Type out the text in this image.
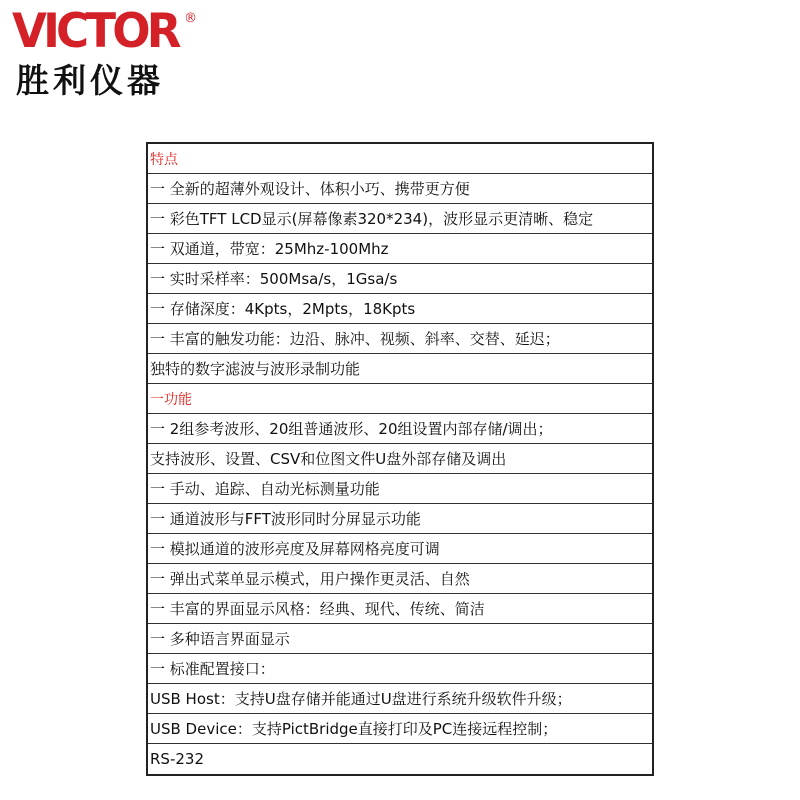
VICTOR ®
胜利仪器
特点
一 全新的超薄外观设计、体积小巧、携带更方便
一 彩色TFT LCD显示(屏幕像素320*234)，波形显示更清晰、稳定
一 双通道，带宽：25Mhz-100Mhz
一 实时采样率：500Msa/s，1Gsa/s
一 存储深度：4Kpts，2Mpts，18Kpts
一 丰富的触发功能：边沿、脉冲、视频、斜率、交替、延迟；
独特的数字滤波与波形录制功能
一功能
一 2组参考波形、20组普通波形、20组设置内部存储/调出；
支持波形、设置、CSV和位图文件U盘外部存储及调出
一 手动、追踪、自动光标测量功能
一 通道波形与FFT波形同时分屏显示功能
一 模拟通道的波形亮度及屏幕网格亮度可调
一 弹出式菜单显示模式，用户操作更灵活、自然
一 丰富的界面显示风格：经典、现代、传统、简洁
一 多种语言界面显示
一 标准配置接口：
USB Host：支持U盘存储并能通过U盘进行系统升级软件升级；
USB Device：支持PictBridge直接打印及PC连接远程控制；
RS-232
